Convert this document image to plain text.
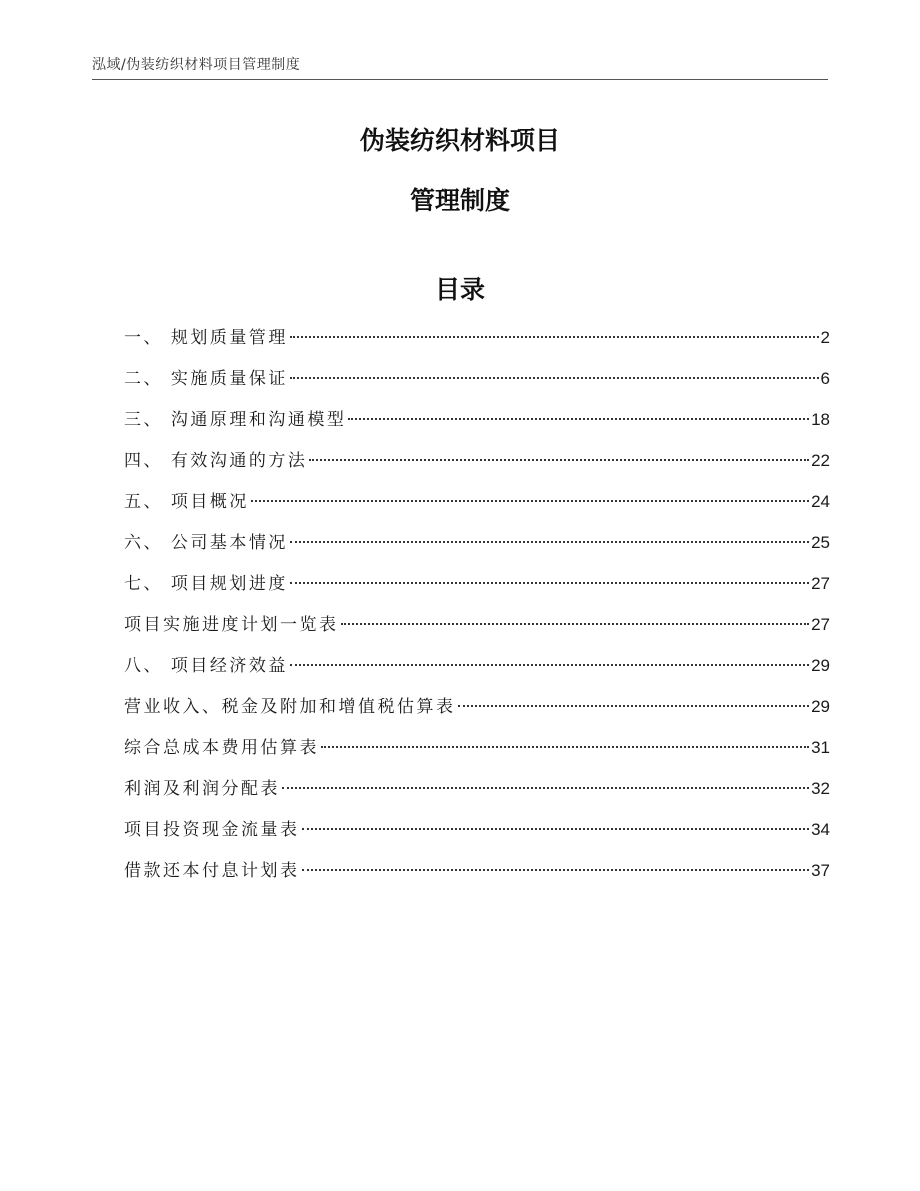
泓域/伪装纺织材料项目管理制度
伪装纺织材料项目
管理制度
目录
一、 规划质量管理	2
二、 实施质量保证	6
三、 沟通原理和沟通模型	18
四、 有效沟通的方法	22
五、 项目概况	24
六、 公司基本情况	25
七、 项目规划进度	27
项目实施进度计划一览表	27
八、 项目经济效益	29
营业收入、税金及附加和增值税估算表	29
综合总成本费用估算表	31
利润及利润分配表	32
项目投资现金流量表	34
借款还本付息计划表	37
